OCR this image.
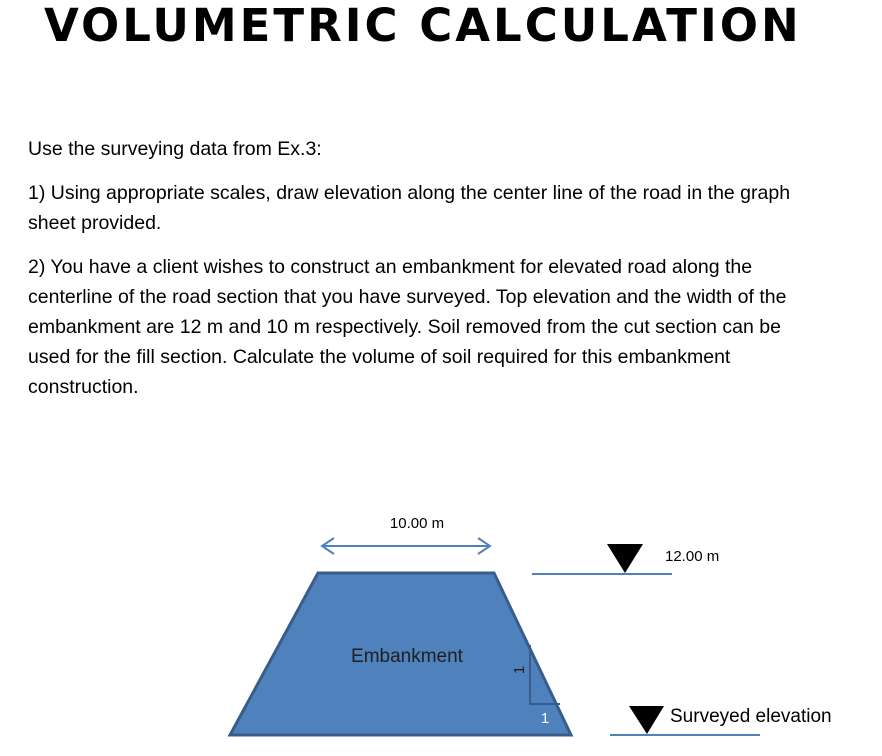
VOLUMETRIC CALCULATION
Use the surveying data from Ex.3:
1) Using appropriate scales, draw elevation along the center line of the road in the graph sheet provided.
2) You have a client wishes to construct an embankment for elevated road along the centerline of the road section that you have surveyed. Top elevation and the width of the embankment are 12 m and 10 m respectively. Soil removed from the cut section can be used for the fill section. Calculate the volume of soil required for this embankment construction.
10.00 m
Embankment
1
1
12.00 m
Surveyed elevation
